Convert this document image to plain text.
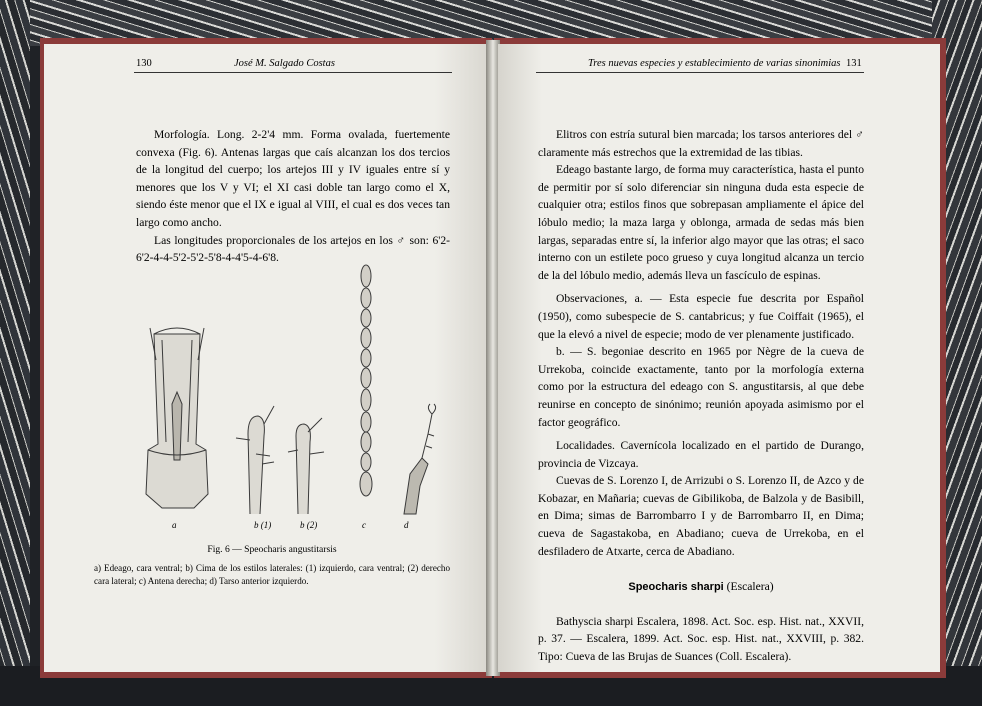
130	José M. Salgado Costas

Morfología. Long. 2-2'4 mm. Forma ovalada, fuertemente convexa (Fig. 6). Antenas largas que caís alcanzan los dos tercios de la longitud del cuerpo; los artejos III y IV iguales entre sí y menores que los V y VI; el XI casi doble tan largo como el X, siendo éste menor que el IX e igual al VIII, el cual es dos veces tan largo como ancho.

Las longitudes proporcionales de los artejos en los ♂ son: 6'2-6'2-4-4-5'2-5'2-5'8-4-4'5-4-6'8.

a	b (1)	b (2)	c	d
Fig. 6 — Speocharis angustitarsis
a) Edeago, cara ventral; b) Cima de los estilos laterales: (1) izquierdo, cara ventral; (2) derecho cara lateral; c) Antena derecha; d) Tarso anterior izquierdo.
Tres nuevas especies y establecimiento de varias sinonimias 131

Elitros con estría sutural bien marcada; los tarsos anteriores del ♂ claramente más estrechos que la extremidad de las tibias.

Edeago bastante largo, de forma muy característica, hasta el punto de permitir por sí solo diferenciar sin ninguna duda esta especie de cualquier otra; estilos finos que sobrepasan ampliamente el ápice del lóbulo medio; la maza larga y oblonga, armada de sedas más bien largas, separadas entre sí, la inferior algo mayor que las otras; el saco interno con un estilete poco grueso y cuya longitud alcanza un tercio de la del lóbulo medio, además lleva un fascículo de espinas.

Observaciones, a. — Esta especie fue descrita por Español (1950), como subespecie de S. cantabricus; y fue Coiffait (1965), el que la elevó a nivel de especie; modo de ver plenamente justificado.

b. — S. begoniae descrito en 1965 por Nègre de la cueva de Urrekoba, coincide exactamente, tanto por la morfología externa como por la estructura del edeago con S. angustitarsis, al que debe reunirse en concepto de sinónimo; reunión apoyada asimismo por el factor geográfico.

Localidades. Cavernícola localizado en el partido de Durango, provincia de Vizcaya.

Cuevas de S. Lorenzo I, de Arrizubi o S. Lorenzo II, de Azco y de Kobazar, en Mañaria; cuevas de Gibilikoba, de Balzola y de Basibill, en Dima; simas de Barrombarro I y de Barrombarro II, en Dima; cueva de Sagastakoba, en Abadiano; cueva de Urrekoba, en el desfiladero de Atxarte, cerca de Abadiano.

Speocharis sharpi (Escalera)

Bathyscia sharpi Escalera, 1898. Act. Soc. esp. Hist. nat., XXVII, p. 37. — Escalera, 1899. Act. Soc. esp. Hist. nat., XXVIII, p. 382. Tipo: Cueva de las Brujas de Suances (Coll. Escalera).
